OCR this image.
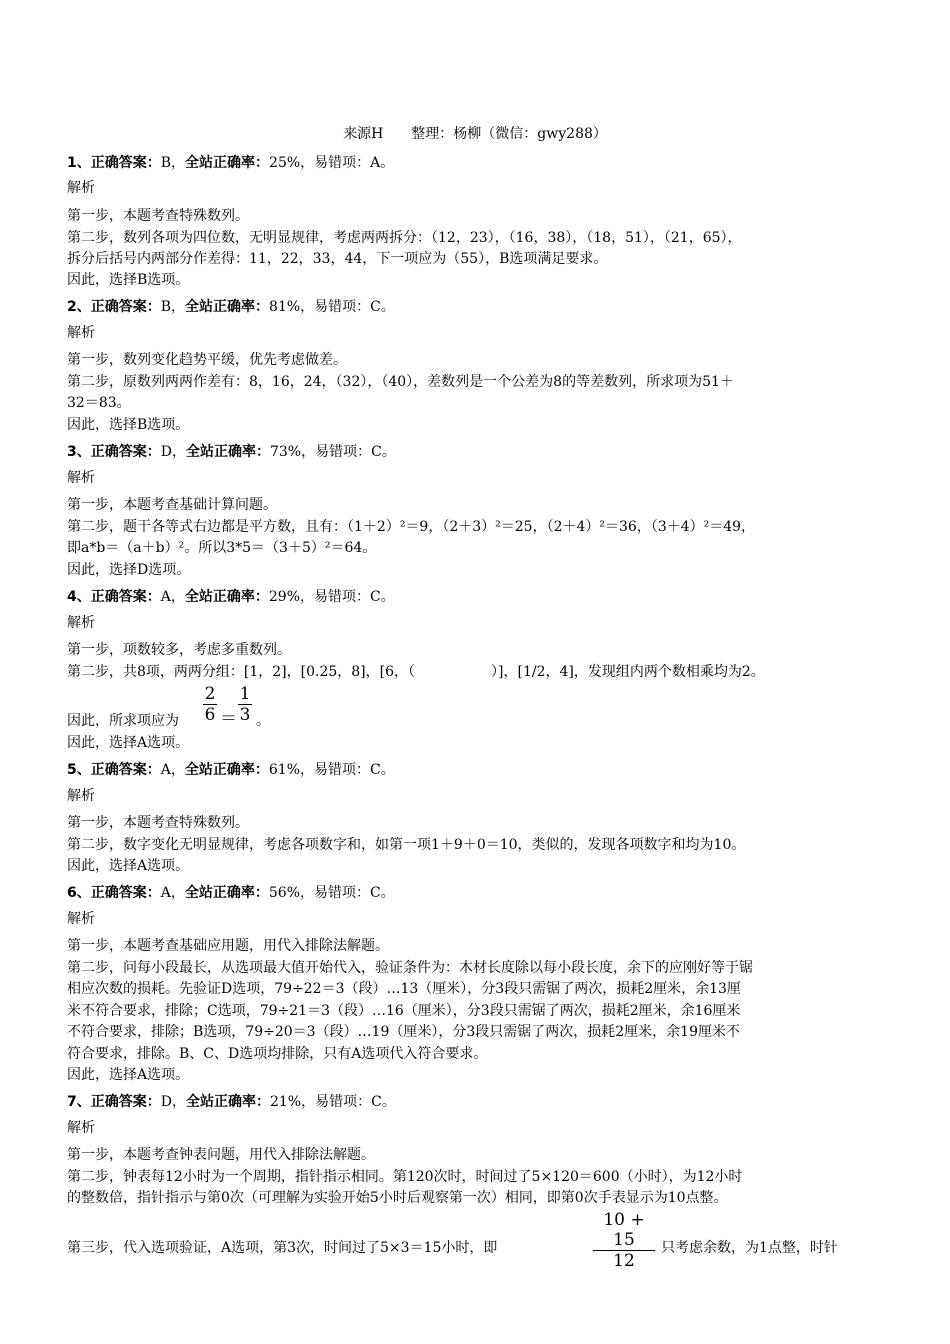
来源H　　整理：杨柳（微信：gwy288）
1、正确答案：B，全站正确率：25%，易错项：A。
解析
第一步，本题考查特殊数列。
第二步，数列各项为四位数，无明显规律，考虑两两拆分：（12，23），（16，38），（18，51），（21，65），
拆分后括号内两部分作差得：11，22，33，44，下一项应为（55），B选项满足要求。
因此，选择B选项。
2、正确答案：B，全站正确率：81%，易错项：C。
解析
第一步，数列变化趋势平缓，优先考虑做差。
第二步，原数列两两作差有：8，16，24，（32），（40），差数列是一个公差为8的等差数列，所求项为51＋
32＝83。
因此，选择B选项。
3、正确答案：D，全站正确率：73%，易错项：C。
解析
第一步，本题考查基础计算问题。
第二步，题干各等式右边都是平方数，且有：（1＋2）²＝9，（2＋3）²＝25，（2＋4）²＝36，（3＋4）²＝49，
即a*b＝（a＋b）²。所以3*5＝（3＋5）²＝64。
因此，选择D选项。
4、正确答案：A，全站正确率：29%，易错项：C。
解析
第一步，项数较多，考虑多重数列。
第二步，共8项，两两分组：[1，2]，[0.25，8]，[6，（	）]，[1/2，4]，发现组内两个数相乘均为2。
因此，所求项应为
2
6 ＝
1
3 。
因此，选择A选项。
5、正确答案：A，全站正确率：61%，易错项：C。
解析
第一步，本题考查特殊数列。
第二步，数字变化无明显规律，考虑各项数字和，如第一项1＋9＋0＝10，类似的，发现各项数字和均为10。
因此，选择A选项。
6、正确答案：A，全站正确率：56%，易错项：C。
解析
第一步，本题考查基础应用题，用代入排除法解题。
第二步，问每小段最长，从选项最大值开始代入，验证条件为：木材长度除以每小段长度，余下的应刚好等于锯
相应次数的损耗。先验证D选项，79÷22＝3（段）…13（厘米），分3段只需锯了两次，损耗2厘米，余13厘
米不符合要求，排除；C选项，79÷21＝3（段）…16（厘米），分3段只需锯了两次，损耗2厘米，余16厘米
不符合要求，排除；B选项，79÷20＝3（段）…19（厘米），分3段只需锯了两次，损耗2厘米，余19厘米不
符合要求，排除。B、C、D选项均排除，只有A选项代入符合要求。
因此，选择A选项。
7、正确答案：D，全站正确率：21%，易错项：C。
解析
第一步，本题考查钟表问题，用代入排除法解题。
第二步，钟表每12小时为一个周期，指针指示相同。第120次时，时间过了5×120＝600（小时），为12小时
的整数倍，指针指示与第0次（可理解为实验开始5小时后观察第一次）相同，即第0次手表显示为10点整。
第三步，代入选项验证，A选项，第3次，时间过了5×3＝15小时，即
10 + 15
12
只考虑余数，为1点整，时针
